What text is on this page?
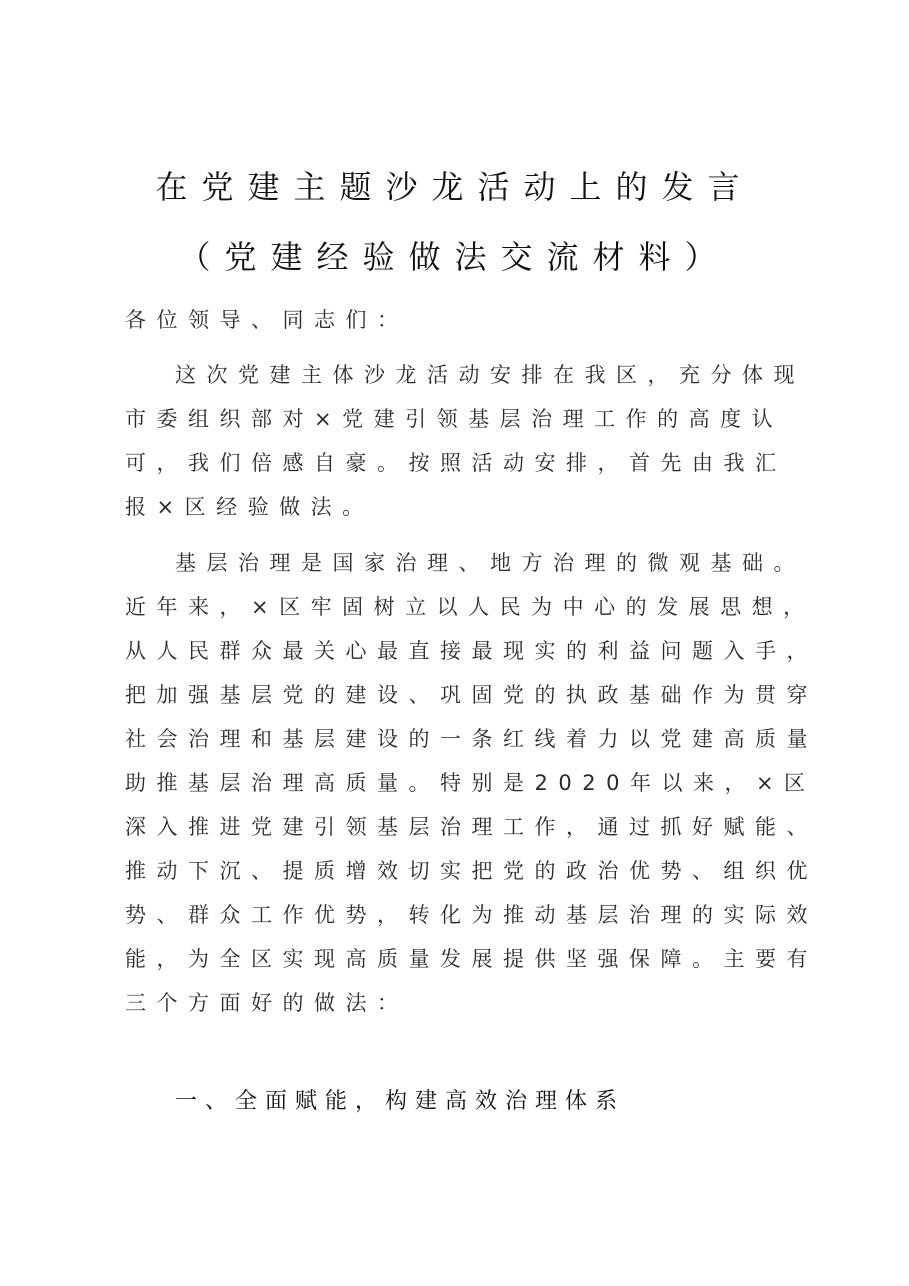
在党建主题沙龙活动上的发言
（党建经验做法交流材料）

各位领导、同志们：

这次党建主体沙龙活动安排在我区，充分体现市委组织部对×党建引领基层治理工作的高度认可，我们倍感自豪。按照活动安排，首先由我汇报×区经验做法。

基层治理是国家治理、地方治理的微观基础。近年来，×区牢固树立以人民为中心的发展思想，从人民群众最关心最直接最现实的利益问题入手，把加强基层党的建设、巩固党的执政基础作为贯穿社会治理和基层建设的一条红线着力以党建高质量助推基层治理高质量。特别是2020年以来，×区深入推进党建引领基层治理工作，通过抓好赋能、推动下沉、提质增效切实把党的政治优势、组织优势、群众工作优势，转化为推动基层治理的实际效能，为全区实现高质量发展提供坚强保障。主要有三个方面好的做法：

一、全面赋能，构建高效治理体系
